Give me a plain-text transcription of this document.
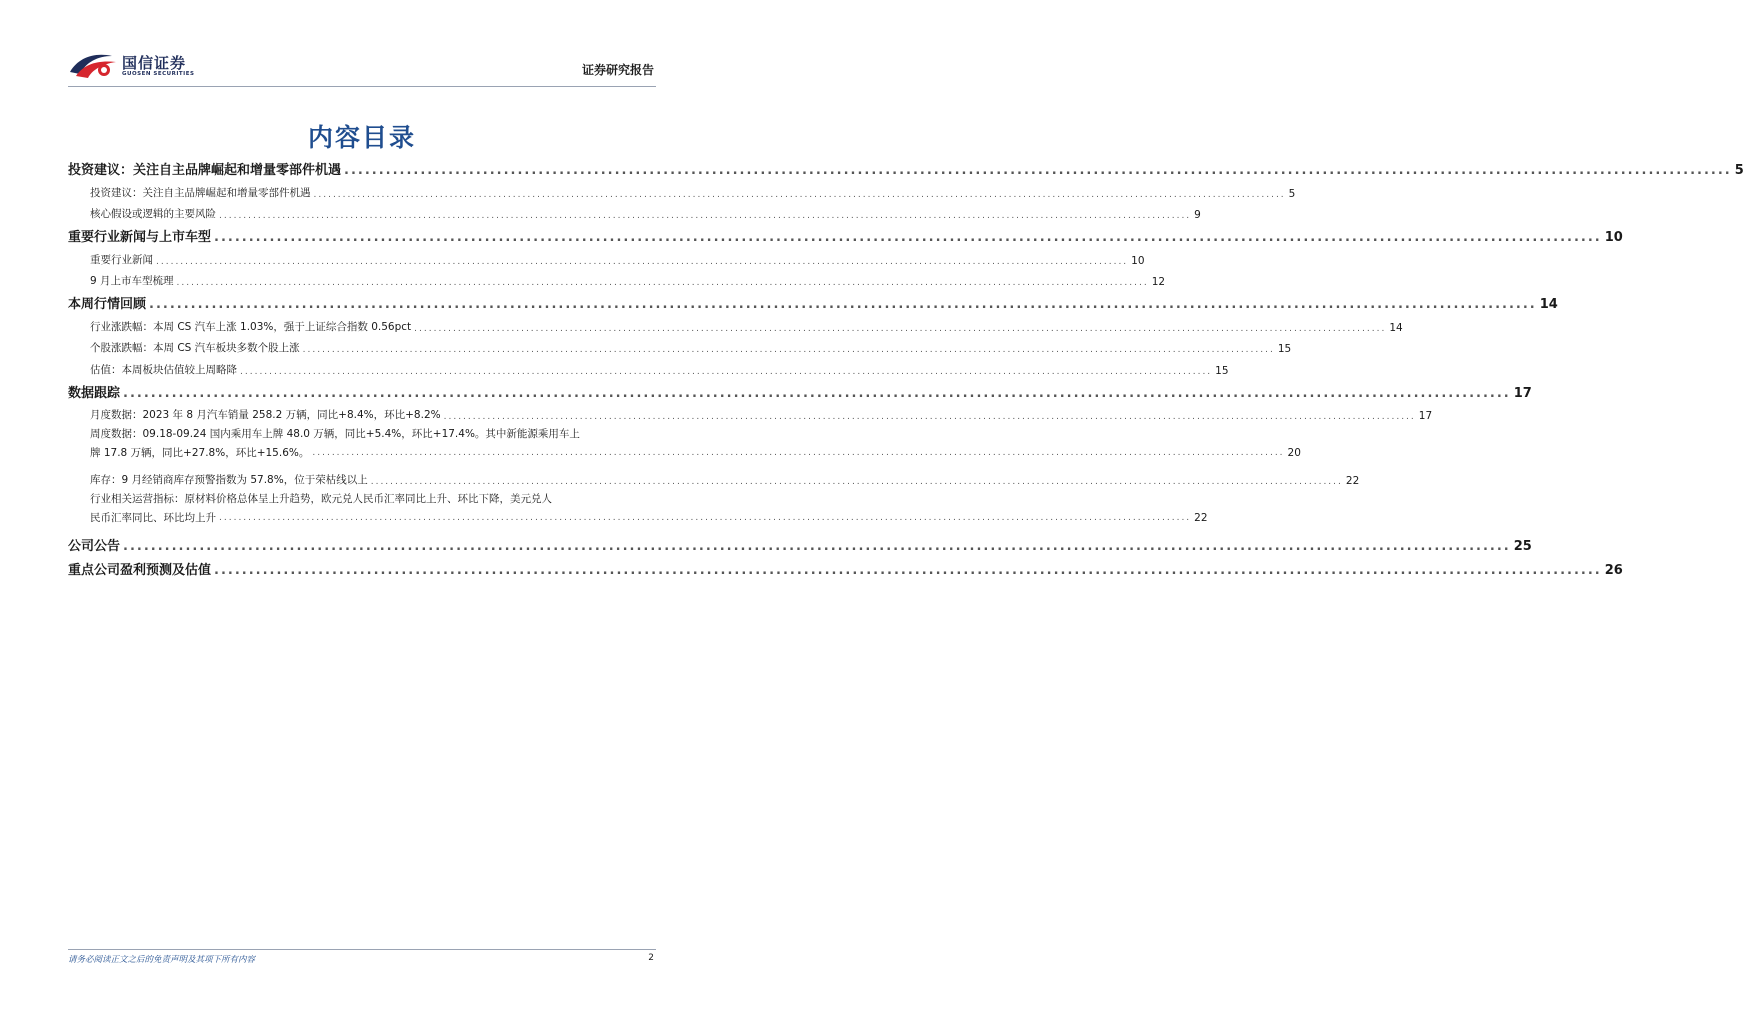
国信证券
GUOSEN SECURITIES	证券研究报告
内容目录
投资建议：关注自主品牌崛起和增量零部件机遇 ........................................................................................................................................................................................................ 5
投资建议：关注自主品牌崛起和增量零部件机遇 ........................................................................................................................................................................................................ 5
核心假设或逻辑的主要风险 ........................................................................................................................................................................................................ 9
重要行业新闻与上市车型 ........................................................................................................................................................................................................ 10
重要行业新闻 ........................................................................................................................................................................................................ 10
9 月上市车型梳理 ........................................................................................................................................................................................................ 12
本周行情回顾 ........................................................................................................................................................................................................ 14
行业涨跌幅：本周 CS 汽车上涨 1.03%，强于上证综合指数 0.56pct ........................................................................................................................................................................................................ 14
个股涨跌幅：本周 CS 汽车板块多数个股上涨 ........................................................................................................................................................................................................ 15
估值：本周板块估值较上周略降 ........................................................................................................................................................................................................ 15
数据跟踪 ........................................................................................................................................................................................................ 17
月度数据：2023 年 8 月汽车销量 258.2 万辆，同比+8.4%，环比+8.2% ........................................................................................................................................................................................................ 17
周度数据：09.18-09.24 国内乘用车上牌 48.0 万辆，同比+5.4%，环比+17.4%。其中新能源乘用车上
牌 17.8 万辆，同比+27.8%，环比+15.6%。 ........................................................................................................................................................................................................ 20
库存：9 月经销商库存预警指数为 57.8%，位于荣枯线以上 ........................................................................................................................................................................................................ 22
行业相关运营指标：原材料价格总体呈上升趋势，欧元兑人民币汇率同比上升、环比下降，美元兑人
民币汇率同比、环比均上升 ........................................................................................................................................................................................................ 22
公司公告 ........................................................................................................................................................................................................ 25
重点公司盈利预测及估值 ........................................................................................................................................................................................................ 26
请务必阅读正文之后的免责声明及其项下所有内容	2
